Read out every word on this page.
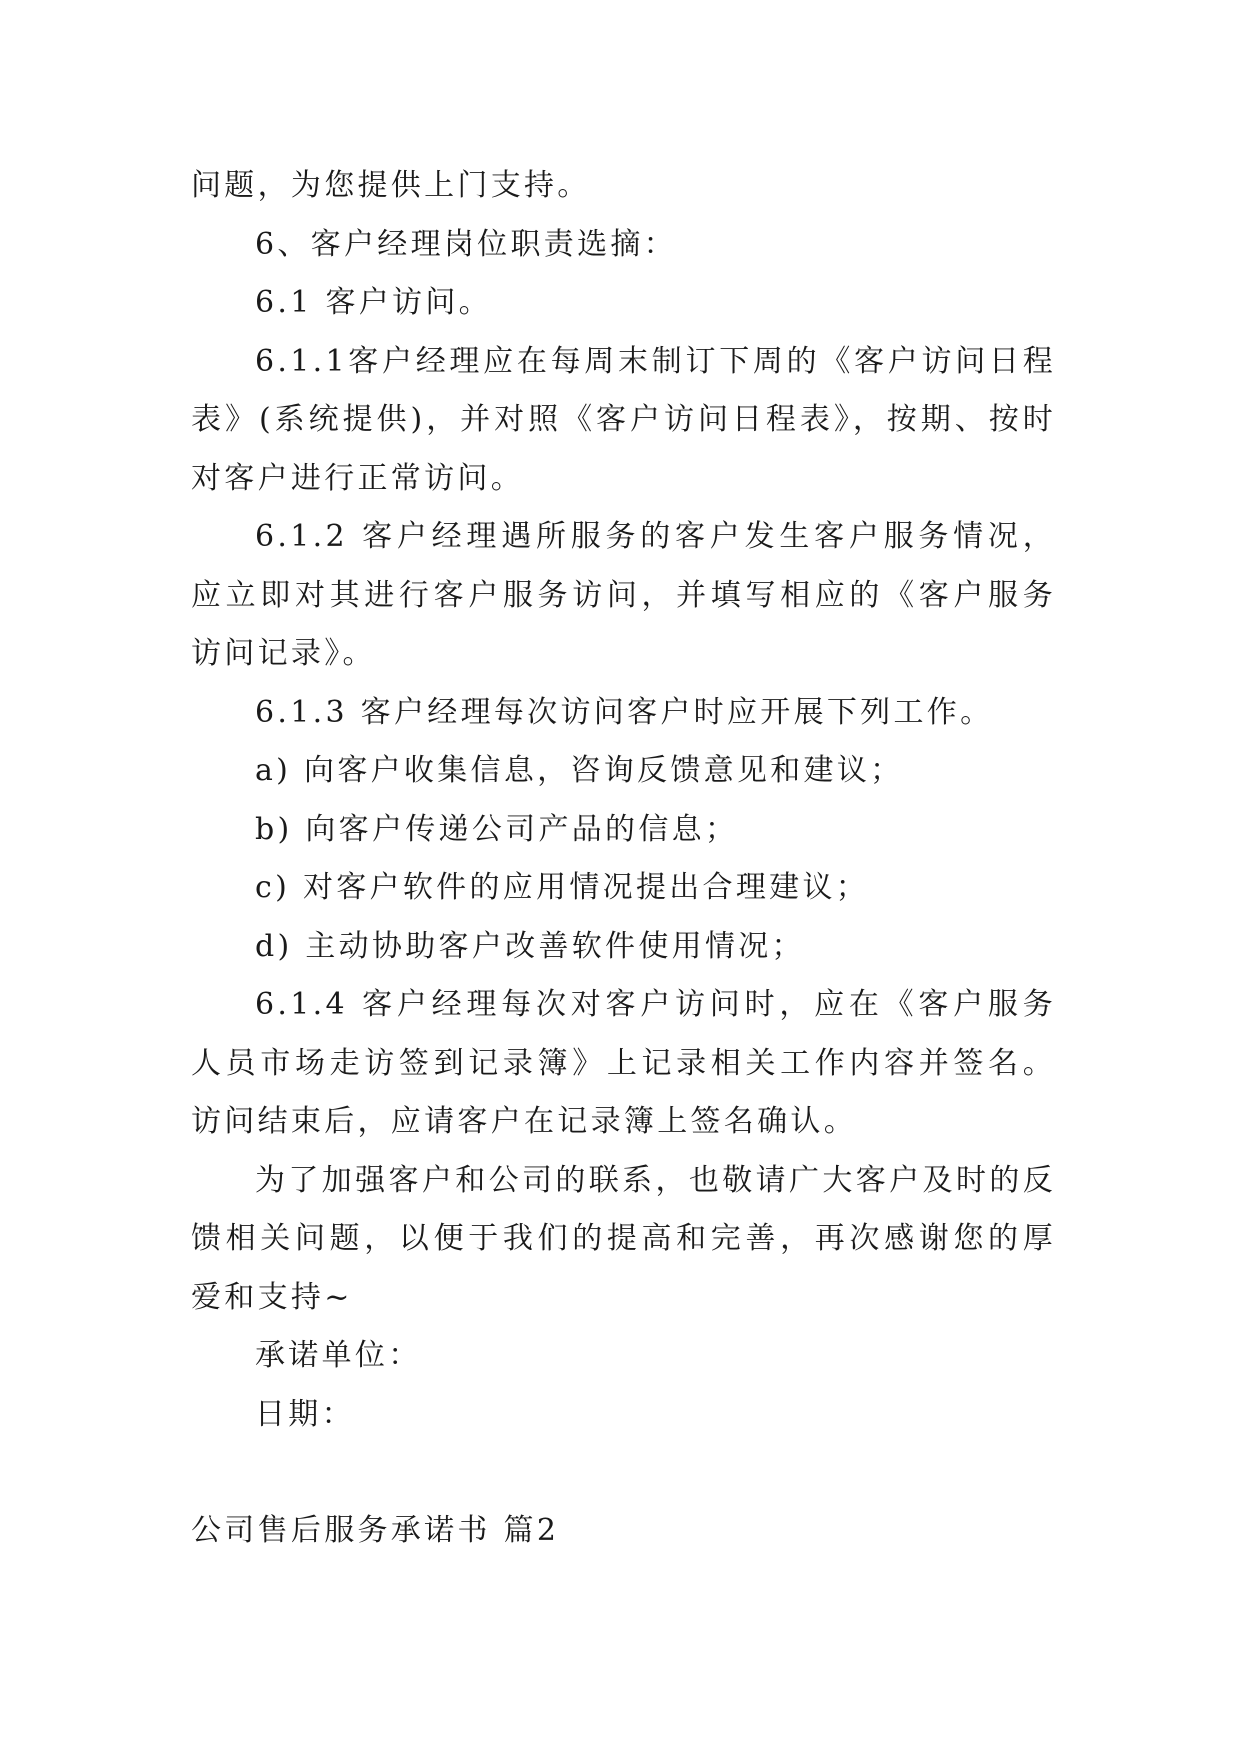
问题，为您提供上门支持。

6、客户经理岗位职责选摘：

6.1 客户访问。

6.1.1客户经理应在每周末制订下周的《客户访问日程表》(系统提供)，并对照《客户访问日程表》，按期、按时对客户进行正常访问。

6.1.2 客户经理遇所服务的客户发生客户服务情况，应立即对其进行客户服务访问，并填写相应的《客户服务访问记录》。

6.1.3 客户经理每次访问客户时应开展下列工作。

a) 向客户收集信息，咨询反馈意见和建议；

b) 向客户传递公司产品的信息；

c) 对客户软件的应用情况提出合理建议；

d) 主动协助客户改善软件使用情况；

6.1.4 客户经理每次对客户访问时，应在《客户服务人员市场走访签到记录簿》上记录相关工作内容并签名。访问结束后，应请客户在记录簿上签名确认。

为了加强客户和公司的联系，也敬请广大客户及时的反馈相关问题，以便于我们的提高和完善，再次感谢您的厚爱和支持~

承诺单位：

日期：

公司售后服务承诺书 篇2
